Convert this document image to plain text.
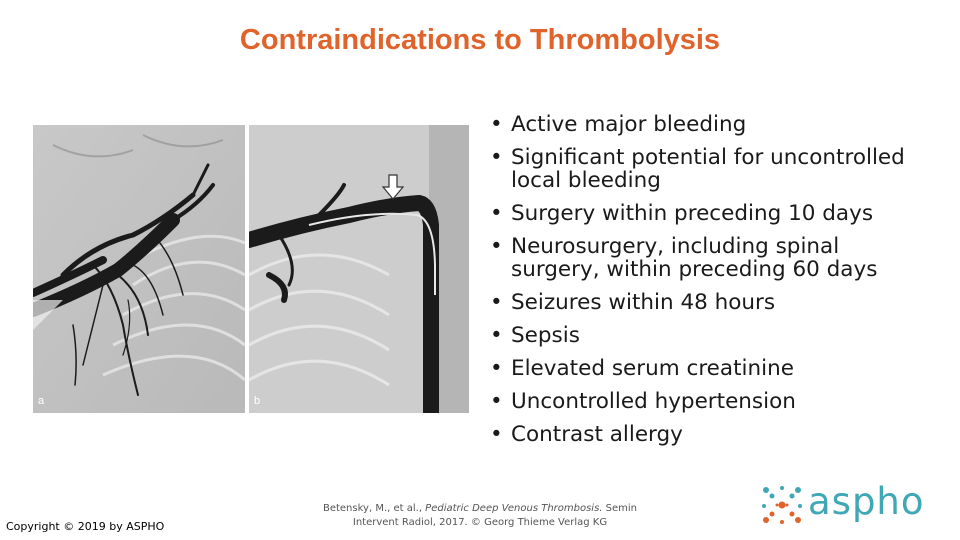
Contraindications to Thrombolysis
a	b
• Active major bleeding
• Significant potential for uncontrolled local bleeding
• Surgery within preceding 10 days
• Neurosurgery, including spinal surgery, within preceding 60 days
• Seizures within 48 hours
• Sepsis
• Elevated serum creatinine
• Uncontrolled hypertension
• Contrast allergy
Copyright © 2019 by ASPHO
Betensky, M., et al., Pediatric Deep Venous Thrombosis. Semin Intervent Radiol, 2017. © Georg Thieme Verlag KG	aspho
